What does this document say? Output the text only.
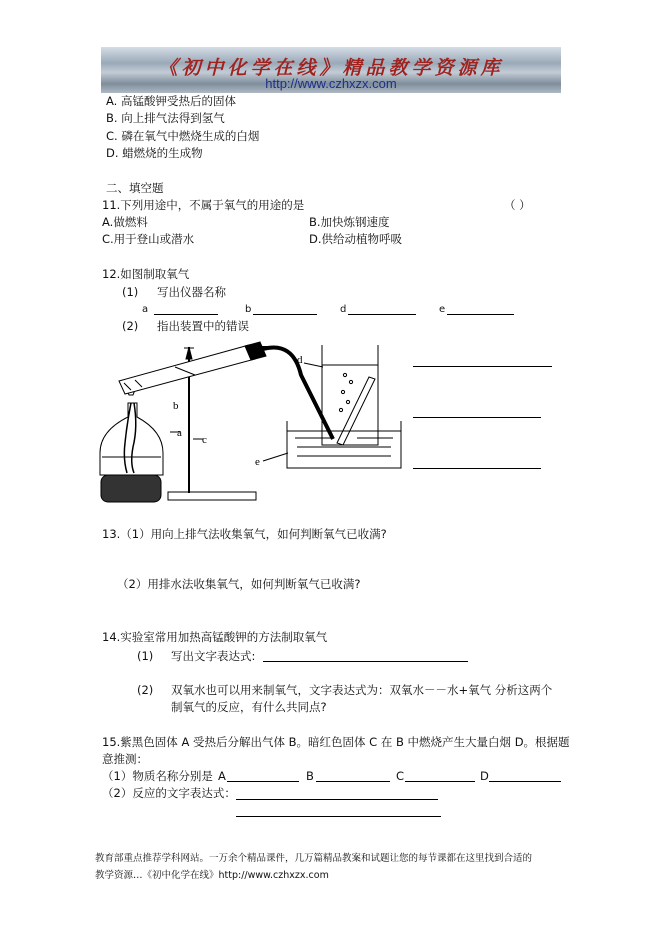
《初中化学在线》精品教学资源库
http://www.czhxzx.com
A. 高锰酸钾受热后的固体
B. 向上排气法得到氢气
C. 磷在氧气中燃烧生成的白烟
D. 蜡燃烧的生成物
二、填空题
11.下列用途中，不属于氧气的用途的是	（ ）
A.做燃料	B.加快炼钢速度
C.用于登山或潜水	D.供给动植物呼吸
12.如图制取氧气
(1) 写出仪器名称
a	b	d	e
(2) 指出装置中的错误
b
a
c
d
e
13.（1）用向上排气法收集氧气，如何判断氧气已收满?
（2）用排水法收集氧气，如何判断氧气已收满?
14.实验室常用加热高锰酸钾的方法制取氧气
(1) 写出文字表达式:
(2) 双氧水也可以用来制氧气，文字表达式为：双氧水－－水+氧气 分析这两个
制氧气的反应，有什么共同点?
15.紫黑色固体 A 受热后分解出气体 B。暗红色固体 C 在 B 中燃烧产生大量白烟 D。根据题
意推测：
（1）物质名称分别是 A	B	C	D
（2）反应的文字表达式：
教育部重点推荐学科网站。一万余个精品课件，几万篇精品教案和试题让您的每节课都在这里找到合适的
教学资源…《初中化学在线》http://www.czhxzx.com
